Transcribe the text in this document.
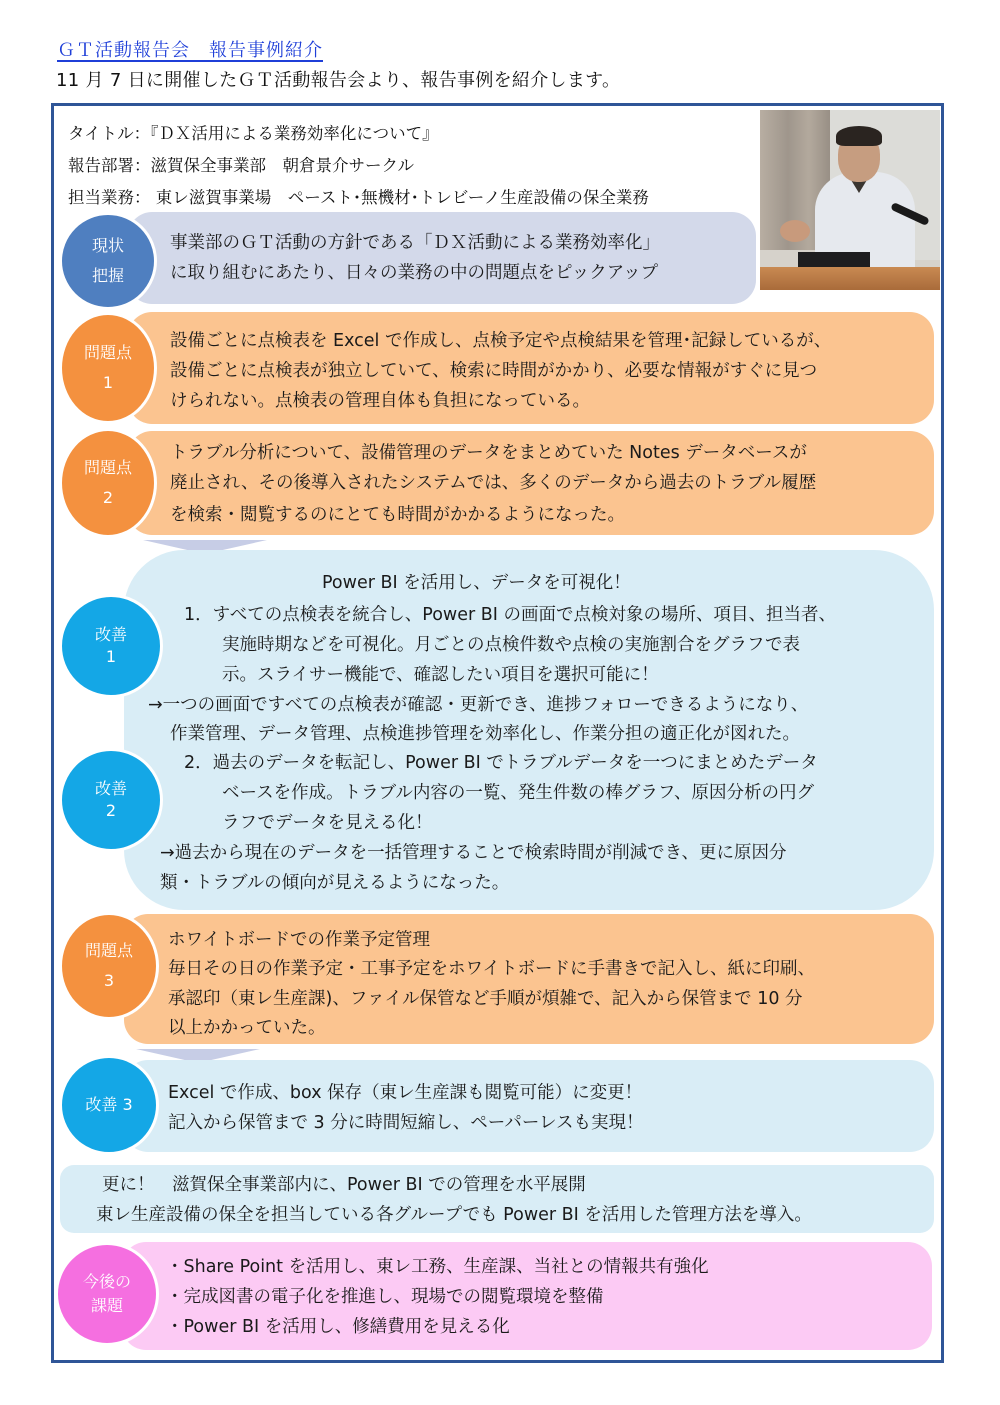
ＧＴ活動報告会　報告事例紹介
11 月 7 日に開催したＧＴ活動報告会より、報告事例を紹介します。
タイトル：『ＤＸ活用による業務効率化について』
報告部署：滋賀保全事業部　朝倉景介サークル
担当業務： 東レ滋賀事業場　ペースト･無機材･トレビーノ生産設備の保全業務
現状
把握
事業部のＧＴ活動の方針である「ＤＸ活動による業務効率化」
に取り組むにあたり、日々の業務の中の問題点をピックアップ
問題点
1
設備ごとに点検表を Excel で作成し、点検予定や点検結果を管理･記録しているが、
設備ごとに点検表が独立していて、検索に時間がかかり、必要な情報がすぐに見つ
けられない。点検表の管理自体も負担になっている。
問題点
2
トラブル分析について、設備管理のデータをまとめていた Notes データベースが
廃止され、その後導入されたシステムでは、多くのデータから過去のトラブル履歴
を検索・閲覧するのにとても時間がかかるようになった。
改善
1
改善
2
Power BI を活用し、データを可視化！
1．すべての点検表を統合し、Power BI の画面で点検対象の場所、項目、担当者、
実施時期などを可視化。月ごとの点検件数や点検の実施割合をグラフで表
示。スライサー機能で、確認したい項目を選択可能に！
→一つの画面ですべての点検表が確認・更新でき、進捗フォローできるようになり、
作業管理、データ管理、点検進捗管理を効率化し、作業分担の適正化が図れた。
2．過去のデータを転記し、Power BI でトラブルデータを一つにまとめたデータ
ベースを作成。トラブル内容の一覧、発生件数の棒グラフ、原因分析の円グ
ラフでデータを見える化！
→過去から現在のデータを一括管理することで検索時間が削減でき、更に原因分
類・トラブルの傾向が見えるようになった。
問題点
3
ホワイトボードでの作業予定管理
毎日その日の作業予定・工事予定をホワイトボードに手書きで記入し、紙に印刷、
承認印（東レ生産課)、ファイル保管など手順が煩雑で、記入から保管まで 10 分
以上かかっていた。
改善 3
Excel で作成、box 保存（東レ生産課も閲覧可能）に変更！
記入から保管まで 3 分に時間短縮し、ペーパーレスも実現！
更に！　滋賀保全事業部内に、Power BI での管理を水平展開
東レ生産設備の保全を担当している各グループでも Power BI を活用した管理方法を導入。
今後の
課題
・Share Point を活用し、東レ工務、生産課、当社との情報共有強化
・完成図書の電子化を推進し、現場での閲覧環境を整備
・Power BI を活用し、修繕費用を見える化
